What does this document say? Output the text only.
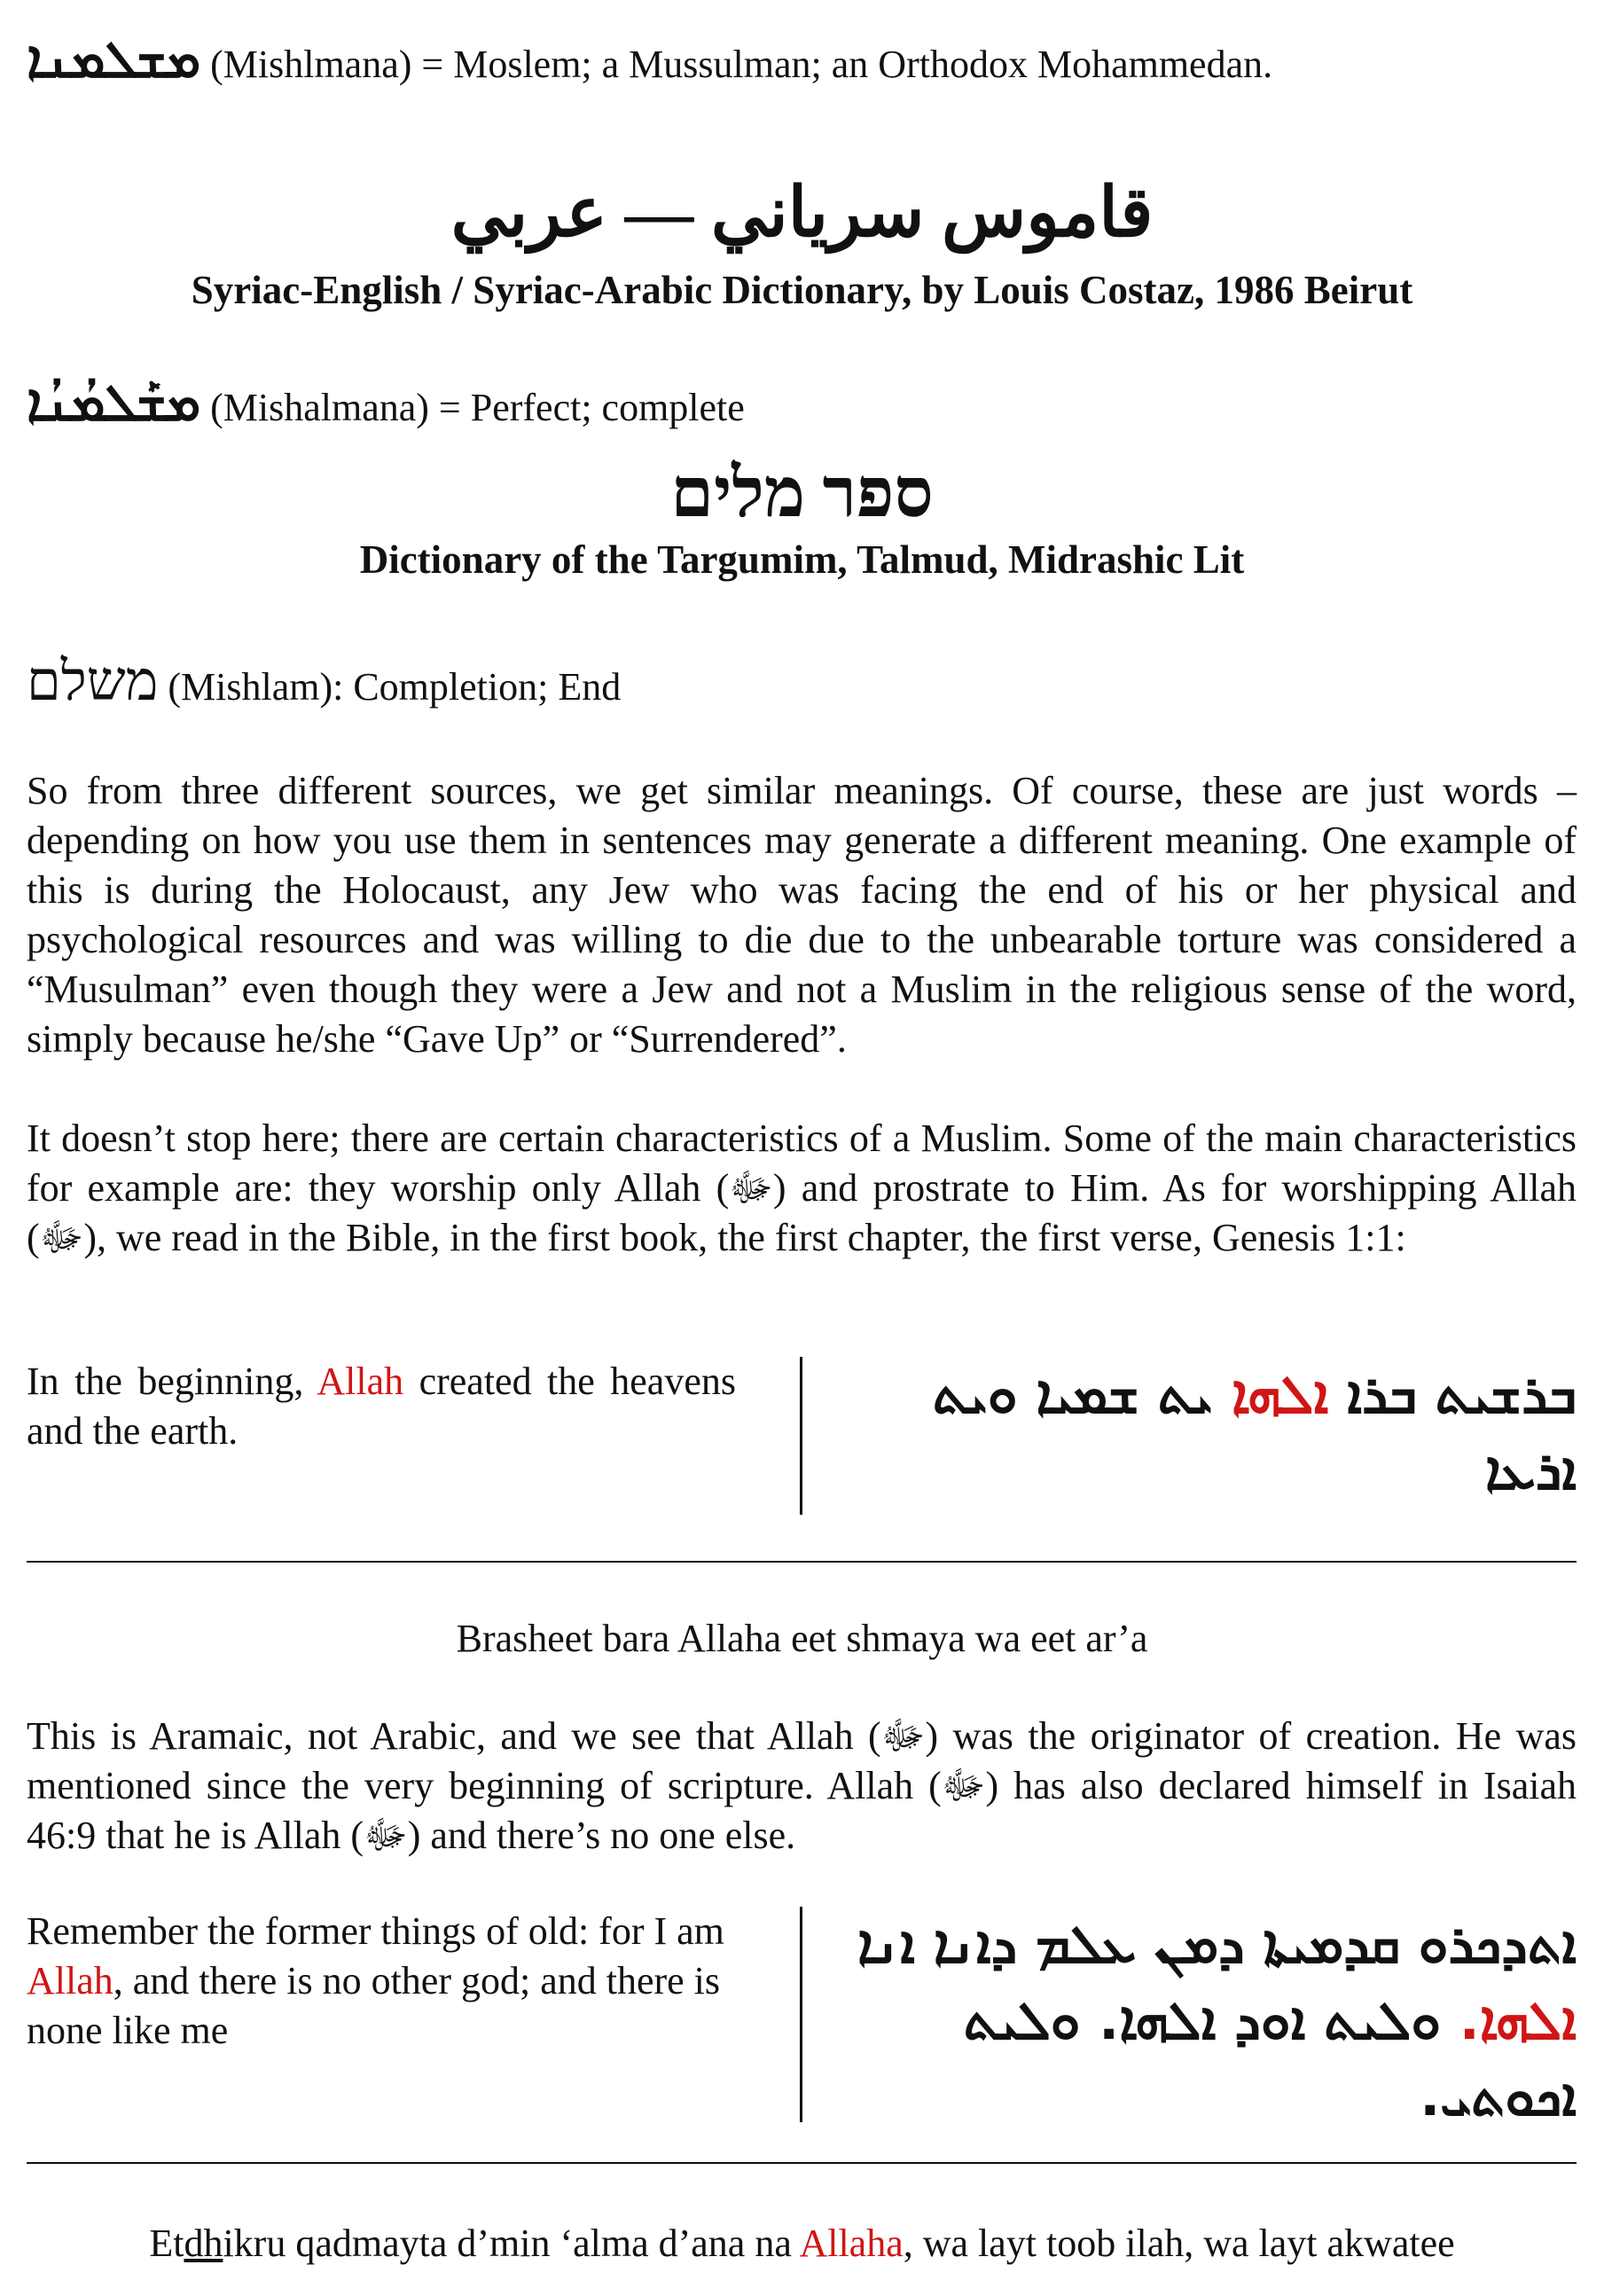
ܡܫܠܡܢܐ (Mishlmana) = Moslem; a Mussulman; an Orthodox Mohammedan.
قاموس سرياني — عربي
Syriac-English / Syriac-Arabic Dictionary, by Louis Costaz, 1986 Beirut
ܡܫܰܠܡܳܢܳܐ (Mishalmana) = Perfect; complete
ספר מלים
Dictionary of the Targumim, Talmud, Midrashic Lit
משלם (Mishlam): Completion; End

So from three different sources, we get similar meanings. Of course, these are just words – depending on how you use them in sentences may generate a different meaning. One example of this is during the Holocaust, any Jew who was facing the end of his or her physical and psychological resources and was willing to die due to the unbearable torture was considered a “Musulman” even though they were a Jew and not a Muslim in the religious sense of the word, simply because he/she “Gave Up” or “Surrendered”.

It doesn’t stop here; there are certain characteristics of a Muslim. Some of the main characteristics for example are: they worship only Allah (ﷻ) and prostrate to Him. As for worshipping Allah (ﷻ), we read in the Bible, in the first book, the first chapter, the first verse, Genesis 1:1:

In the beginning, Allah created the heavens and the earth.
ܒܪܫܝܬ ܒܪܐ ܐܠܗܐ ܝܬ ܫܡܝܐ ܘܝܬ
ܐܪܥܐ
Brasheet bara Allaha eet shmaya wa eet ar’a

This is Aramaic, not Arabic, and we see that Allah (ﷻ) was the originator of creation. He was mentioned since the very beginning of scripture. Allah (ﷻ) has also declared himself in Isaiah 46:9 that he is Allah (ﷻ) and there’s no one else.

Remember the former things of old: for I am Allah, and there is no other god; and there is none like me
ܐܬܕܟܪܘ ܩܕܡܝܬܐ ܕܡܢ ܥܠܡ ܕܐܢܐ ܐܢܐ
ܐܠܗܐ. ܘܠܝܬ ܐܘܕ ܐܠܗܐ. ܘܠܝܬ
ܐܟܘܬܝ.
Etdhikru qadmayta d’min ‘alma d’ana na Allaha, wa layt toob ilah, wa layt akwatee
